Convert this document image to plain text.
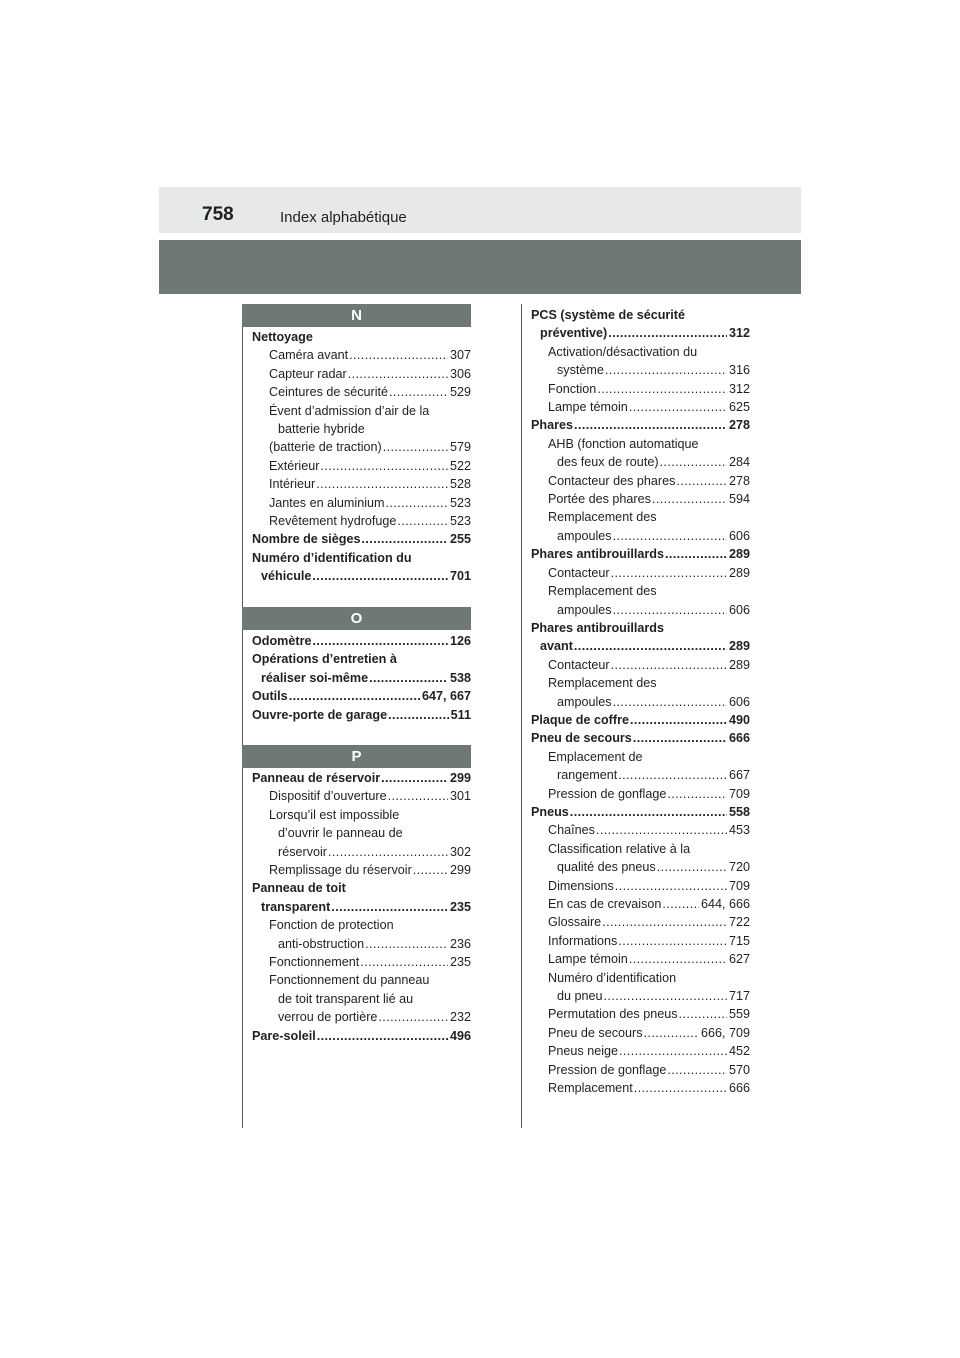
758	Index alphabétique
N
Nettoyage
Caméra avant .....	307
Capteur radar .....	306
Ceintures de sécurité .....	529
Évent d’admission d’air de la
batterie hybride
(batterie de traction) .....	579
Extérieur .....	522
Intérieur .....	528
Jantes en aluminium .....	523
Revêtement hydrofuge .....	523
Nombre de sièges .....	255
Numéro d’identification du
véhicule .....	701
O
Odomètre .....	126
Opérations d’entretien à
réaliser soi-même .....	538
Outils .....	647, 667
Ouvre-porte de garage .....	511
P
Panneau de réservoir .....	299
Dispositif d’ouverture .....	301
Lorsqu’il est impossible
d’ouvrir le panneau de
réservoir .....	302
Remplissage du réservoir .....	299
Panneau de toit
transparent .....	235
Fonction de protection
anti-obstruction .....	236
Fonctionnement .....	235
Fonctionnement du panneau
de toit transparent lié au
verrou de portière .....	232
Pare-soleil .....	496
PCS (système de sécurité
préventive) .....	312
Activation/désactivation du
système .....	316
Fonction .....	312
Lampe témoin .....	625
Phares .....	278
AHB (fonction automatique
des feux de route) .....	284
Contacteur des phares .....	278
Portée des phares .....	594
Remplacement des
ampoules .....	606
Phares antibrouillards .....	289
Contacteur .....	289
Remplacement des
ampoules .....	606
Phares antibrouillards
avant .....	289
Contacteur .....	289
Remplacement des
ampoules .....	606
Plaque de coffre .....	490
Pneu de secours .....	666
Emplacement de
rangement .....	667
Pression de gonflage .....	709
Pneus .....	558
Chaînes .....	453
Classification relative à la
qualité des pneus .....	720
Dimensions .....	709
En cas de crevaison .....	644, 666
Glossaire .....	722
Informations .....	715
Lampe témoin .....	627
Numéro d’identification
du pneu .....	717
Permutation des pneus .....	559
Pneu de secours .....	666, 709
Pneus neige .....	452
Pression de gonflage .....	570
Remplacement .....	666
